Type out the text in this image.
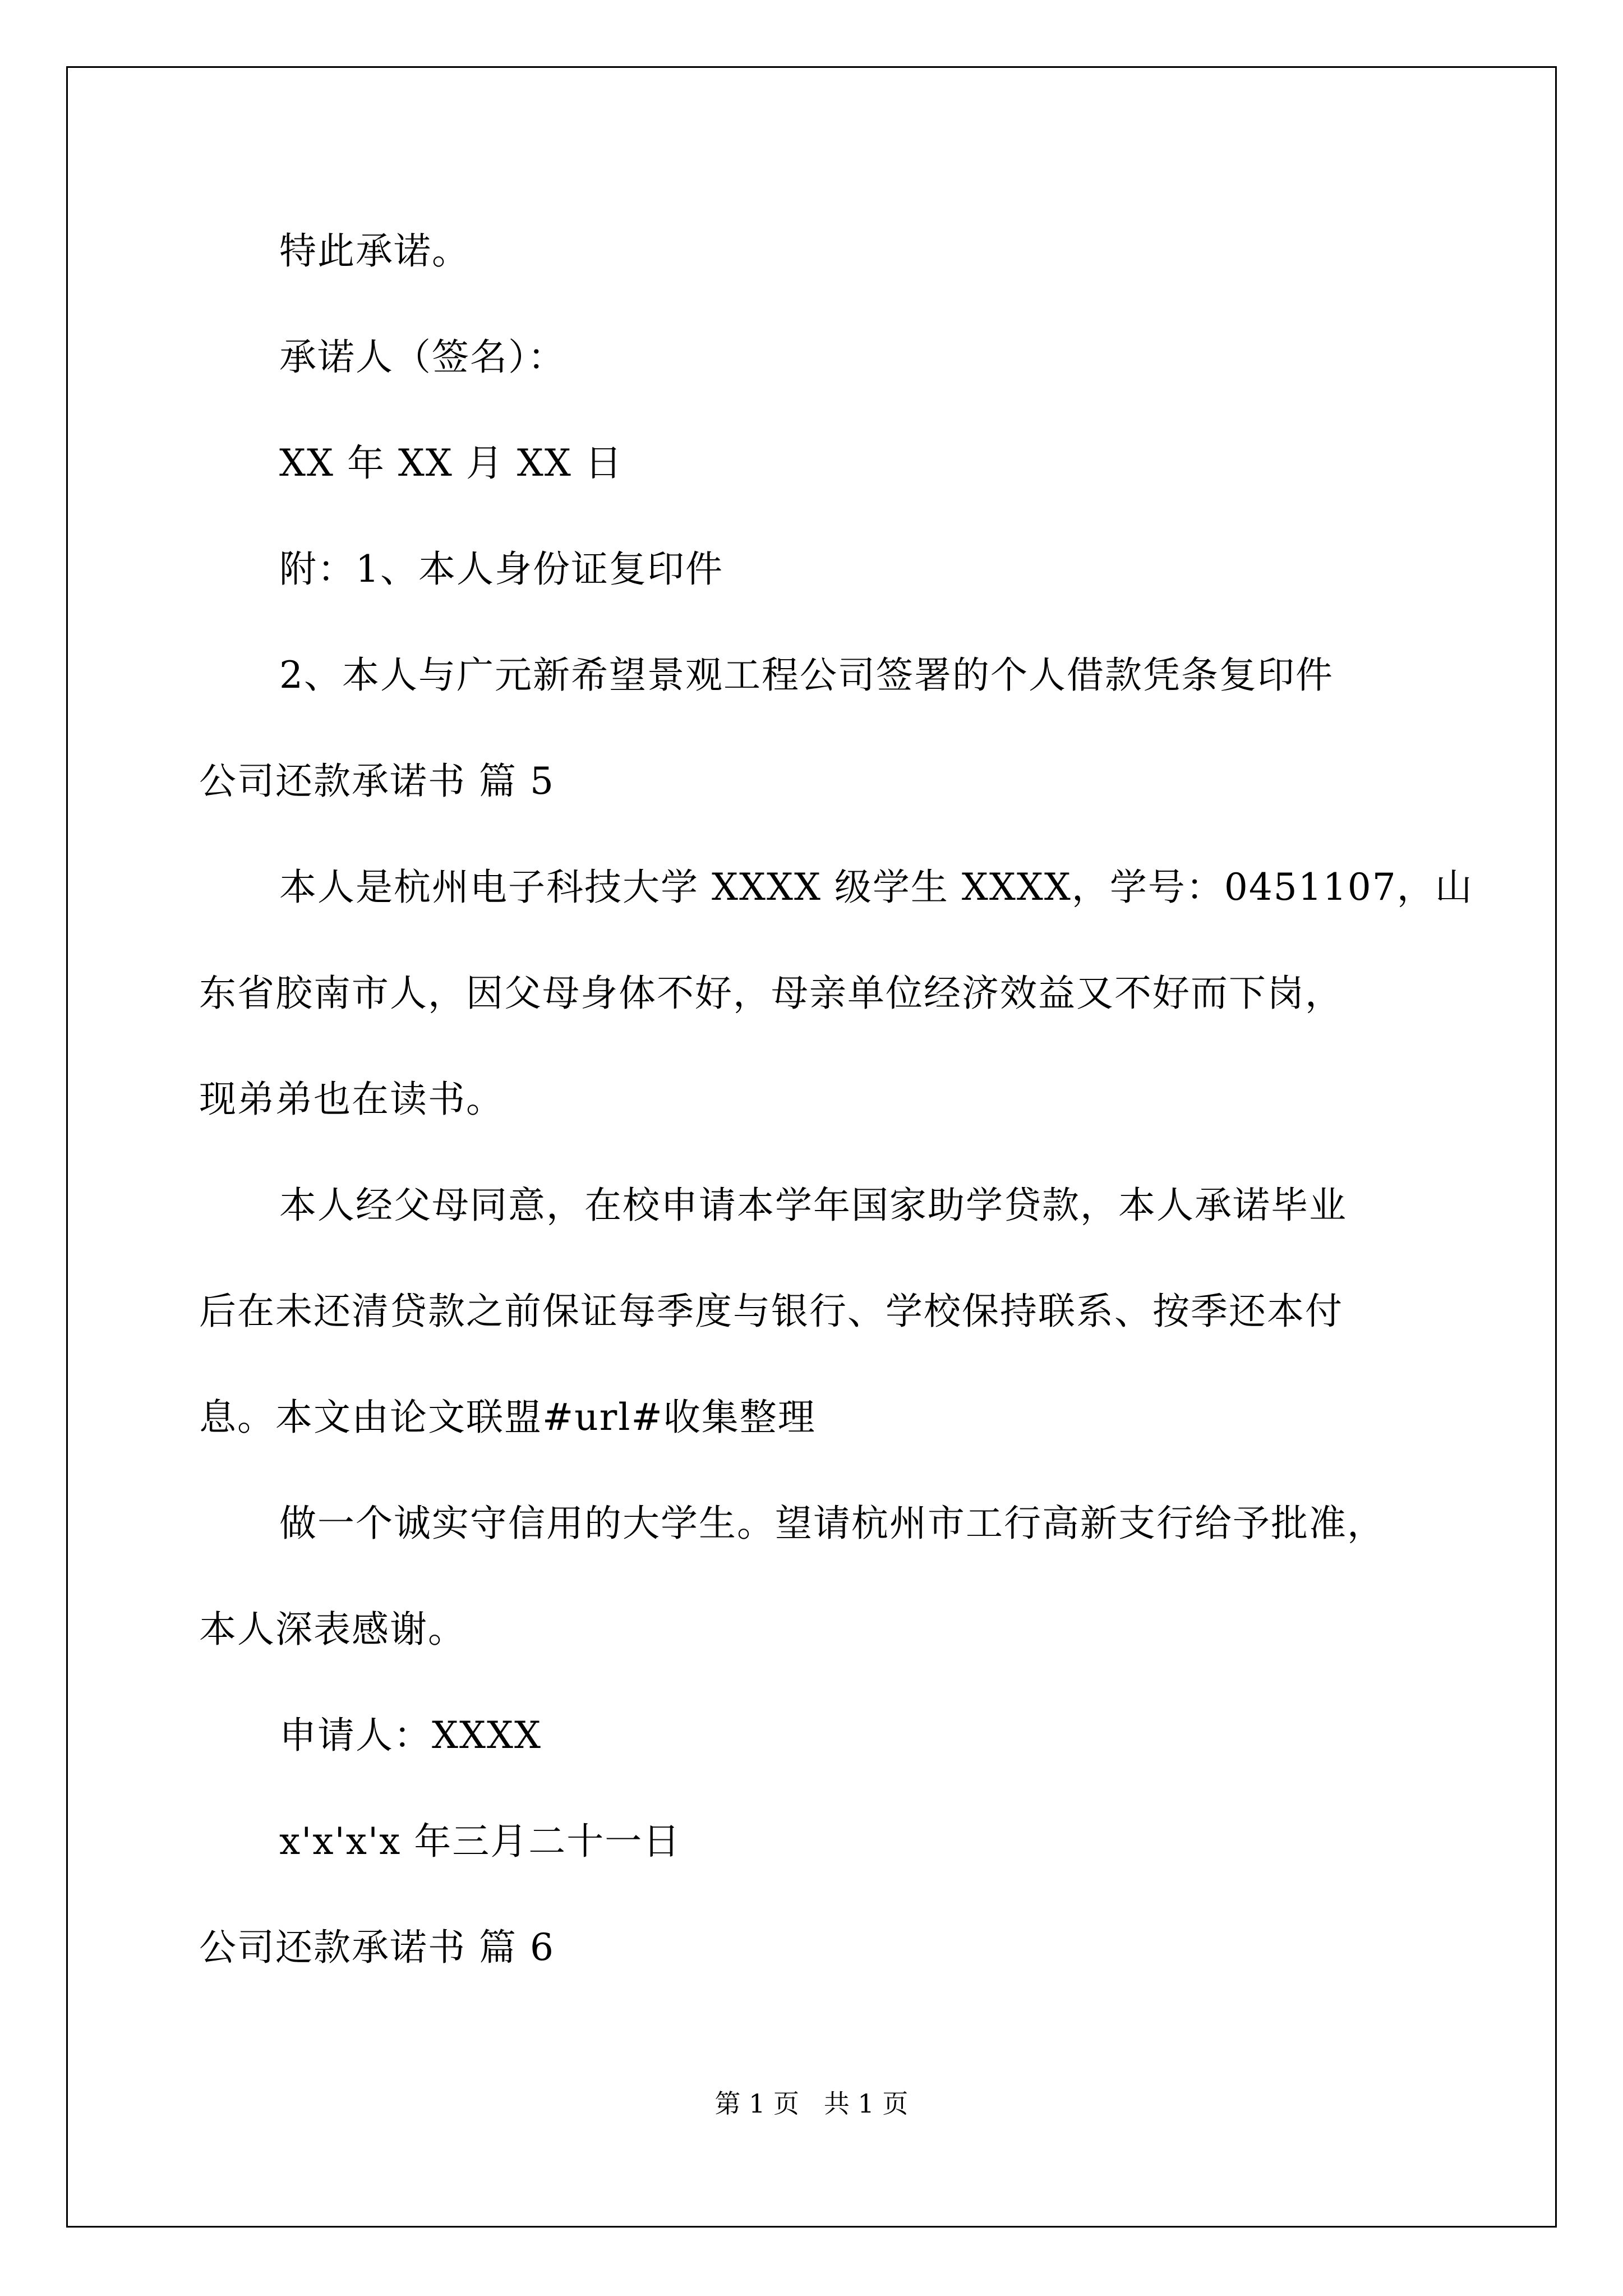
特此承诺。
承诺人（签名）：
XX 年 XX 月 XX 日
附：1、本人身份证复印件
2、本人与广元新希望景观工程公司签署的个人借款凭条复印件
公司还款承诺书 篇 5
本人是杭州电子科技大学 XXXX 级学生 XXXX，学号：0451107，山
东省胶南市人，因父母身体不好，母亲单位经济效益又不好而下岗，
现弟弟也在读书。
本人经父母同意，在校申请本学年国家助学贷款，本人承诺毕业
后在未还清贷款之前保证每季度与银行、学校保持联系、按季还本付
息。本文由论文联盟#url#收集整理
做一个诚实守信用的大学生。望请杭州市工行高新支行给予批准，
本人深表感谢。
申请人：XXXX
x'x'x'x 年三月二十一日
公司还款承诺书 篇 6
第 1 页   共 1 页
